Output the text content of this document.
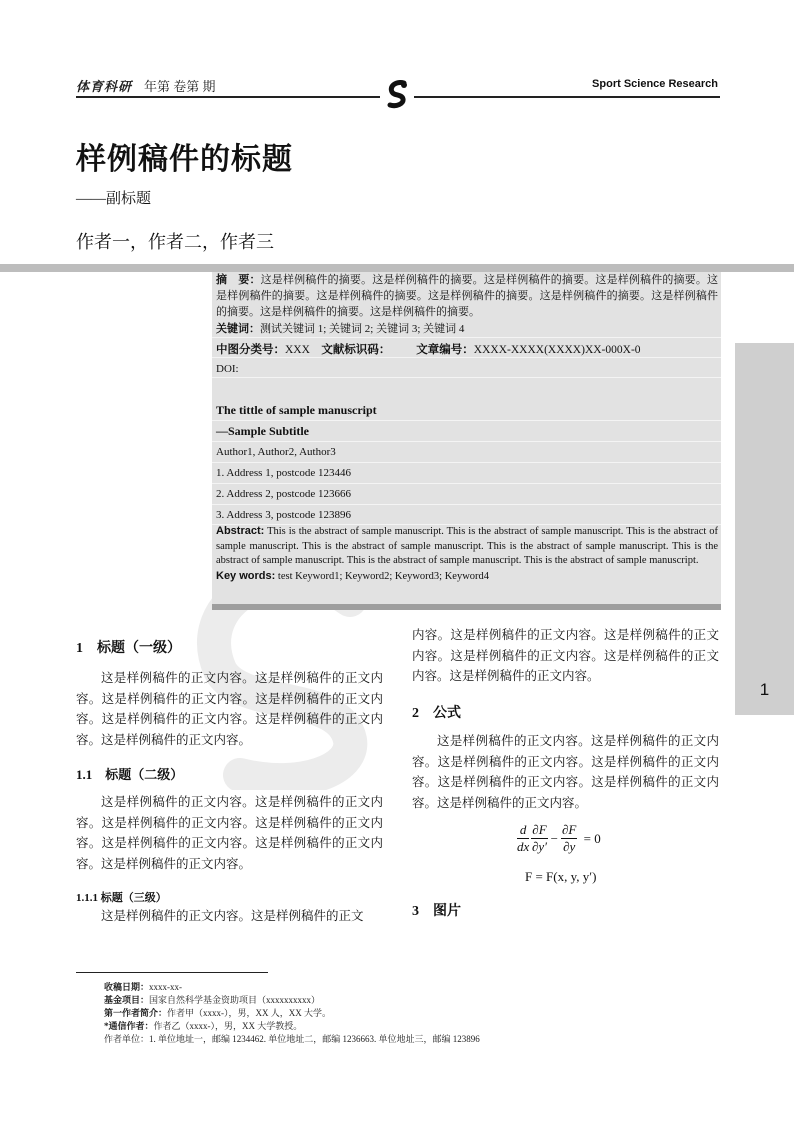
体育科研 年第 卷第 期	Sport Science Research
样例稿件的标题
——副标题
作者一，作者二，作者三
摘　要：这是样例稿件的摘要。这是样例稿件的摘要。这是样例稿件的摘要。这是样例稿件的摘要。这是样例稿件的摘要。这是样例稿件的摘要。这是样例稿件的摘要。这是样例稿件的摘要。这是样例稿件的摘要。这是样例稿件的摘要。这是样例稿件的摘要。
关键词：测试关键词 1; 关键词 2; 关键词 3; 关键词 4
中图分类号：XXX 文献标识码： 文章编号：XXXX-XXXX(XXXX)XX-000X-0
DOI:
The tittle of sample manuscript
—Sample Subtitle
Author1, Author2, Author3
1. Address 1, postcode 123446
2. Address 2, postcode 123666
3. Address 3, postcode 123896
Abstract: This is the abstract of sample manuscript. This is the abstract of sample manuscript. This is the abstract of sample manuscript. This is the abstract of sample manuscript. This is the abstract of sample manuscript. This is the abstract of sample manuscript. This is the abstract of sample manuscript. This is the abstract of sample manuscript.
Key words: test Keyword1; Keyword2; Keyword3; Keyword4
1
1　标题（一级）
这是样例稿件的正文内容。这是样例稿件的正文内容。这是样例稿件的正文内容。这是样例稿件的正文内容。这是样例稿件的正文内容。这是样例稿件的正文内容。这是样例稿件的正文内容。
1.1　标题（二级）
这是样例稿件的正文内容。这是样例稿件的正文内容。这是样例稿件的正文内容。这是样例稿件的正文内容。这是样例稿件的正文内容。这是样例稿件的正文内容。这是样例稿件的正文内容。
1.1.1 标题（三级）
这是样例稿件的正文内容。这是样例稿件的正文
内容。这是样例稿件的正文内容。这是样例稿件的正文内容。这是样例稿件的正文内容。这是样例稿件的正文内容。这是样例稿件的正文内容。
2　公式
这是样例稿件的正文内容。这是样例稿件的正文内容。这是样例稿件的正文内容。这是样例稿件的正文内容。这是样例稿件的正文内容。这是样例稿件的正文内容。这是样例稿件的正文内容。
$\frac{d}{dx} \frac{\partial F}{\partial y'} - \frac{\partial F}{\partial y} = 0$
F = F(x, y, y′)
3　图片
收稿日期：xxxx-xx-
基金项目：国家自然科学基金资助项目（xxxxxxxxxx）
第一作者简介：作者甲（xxxx-），男，XX 人，XX 大学。
*通信作者：作者乙（xxxx-），男，XX 大学教授。
作者单位：1. 单位地址一，邮编 1234462. 单位地址二，邮编 1236663. 单位地址三，邮编 123896
